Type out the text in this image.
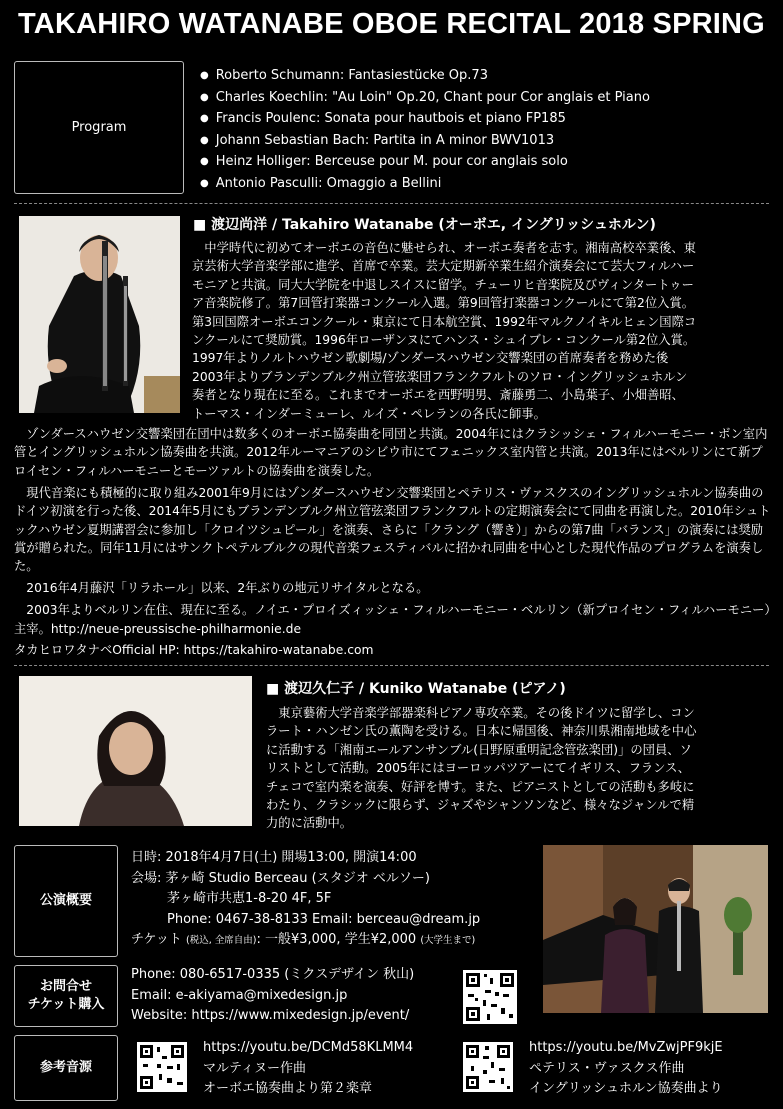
TAKAHIRO WATANABE OBOE RECITAL 2018 SPRING
Program
● Roberto Schumann: Fantasiestücke Op.73
● Charles Koechlin: "Au Loin" Op.20, Chant pour Cor anglais et Piano
● Francis Poulenc: Sonata pour hautbois et piano FP185
● Johann Sebastian Bach: Partita in A minor BWV1013
● Heinz Holliger: Berceuse pour M. pour cor anglais solo
● Antonio Pasculli: Omaggio a Bellini
■ 渡辺尚洋 / Takahiro Watanabe (オーボエ, イングリッシュホルン)
中学時代に初めてオーボエの音色に魅せられ、オーボエ奏者を志す。湘南高校卒業後、東
京芸術大学音楽学部に進学、首席で卒業。芸大定期新卒業生紹介演奏会にて芸大フィルハー
モニアと共演。同大大学院を中退しスイスに留学。チューリヒ音楽院及びヴィンタートゥー
ア音楽院修了。第7回管打楽器コンクール入選。第9回管打楽器コンクールにて第2位入賞。
第3回国際オーボエコンクール・東京にて日本航空賞、1992年マルクノイキルヒェン国際コ
ンクールにて奨励賞。1996年ローザンヌにてハンス・シュイブレ・コンクール第2位入賞。
1997年よりノルトハウゼン歌劇場/ゾンダースハウゼン交響楽団の首席奏者を務めた後
2003年よりブランデンブルク州立管弦楽団フランクフルトのソロ・イングリッシュホルン
奏者となり現在に至る。これまでオーボエを西野明男、斎藤勇二、小島葉子、小畑善昭、
トーマス・インダーミューレ、ルイズ・ペレランの各氏に師事。

ゾンダースハウゼン交響楽団在団中は数多くのオーボエ協奏曲を同団と共演。2004年にはクラシッシェ・フィルハーモニー・ボン室内管とイングリッシュホルン協奏曲を共演。2012年ルーマニアのシビウ市にてフェニックス室内管と共演。2013年にはベルリンにて新プロイセン・フィルハーモニーとモーツァルトの協奏曲を演奏した。

現代音楽にも積極的に取り組み2001年9月にはゾンダースハウゼン交響楽団とペテリス・ヴァスクスのイングリッシュホルン協奏曲のドイツ初演を行った後、2014年5月にもブランデンブルク州立管弦楽団フランクフルトの定期演奏会にて同曲を再演した。2010年シュトックハウゼン夏期講習会に参加し「クロイツシュピール」を演奏、さらに「クラング（響き）」からの第7曲「バランス」の演奏には奨励賞が贈られた。同年11月にはサンクトペテルブルクの現代音楽フェスティバルに招かれ同曲を中心とした現代作品のプログラムを演奏した。

2016年4月藤沢「リラホール」以来、2年ぶりの地元リサイタルとなる。

2003年よりベルリン在住、現在に至る。ノイエ・プロイズィッシェ・フィルハーモニー・ベルリン（新プロイセン・フィルハーモニー）主宰。http://neue-preussische-philharmonie.de

タカヒロワタナベOfficial HP: https://takahiro-watanabe.com

■ 渡辺久仁子 / Kuniko Watanabe (ピアノ)
東京藝術大学音楽学部器楽科ピアノ専攻卒業。その後ドイツに留学し、コン
ラート・ハンゼン氏の薫陶を受ける。日本に帰国後、神奈川県湘南地域を中心
に活動する「湘南エールアンサンブル(日野原重明記念管弦楽団)」の団員、ソ
リストとして活動。2005年にはヨーロッパツアーにてイギリス、フランス、
チェコで室内楽を演奏、好評を博す。また、ピアニストとしての活動も多岐に
わたり、クラシックに限らず、ジャズやシャンソンなど、様々なジャンルで精
力的に活動中。
公演概要
日時: 2018年4月7日(土) 開場13:00, 開演14:00
会場: 茅ヶ崎 Studio Berceau (スタジオ ベルソー)
茅ヶ崎市共恵1-8-20 4F, 5F
Phone: 0467-38-8133 Email: berceau@dream.jp
チケット (税込, 全席自由): 一般¥3,000, 学生¥2,000 (大学生まで)
お問合せ
チケット購入
Phone: 080-6517-0335 (ミクスデザイン 秋山)
Email: e-akiyama@mixedesign.jp
Website: https://www.mixedesign.jp/event/
参考音源
https://youtu.be/DCMd58KLMM4
マルティヌー作曲
オーボエ協奏曲より第２楽章
https://youtu.be/MvZwjPF9kjE
ペテリス・ヴァスクス作曲
イングリッシュホルン協奏曲より
